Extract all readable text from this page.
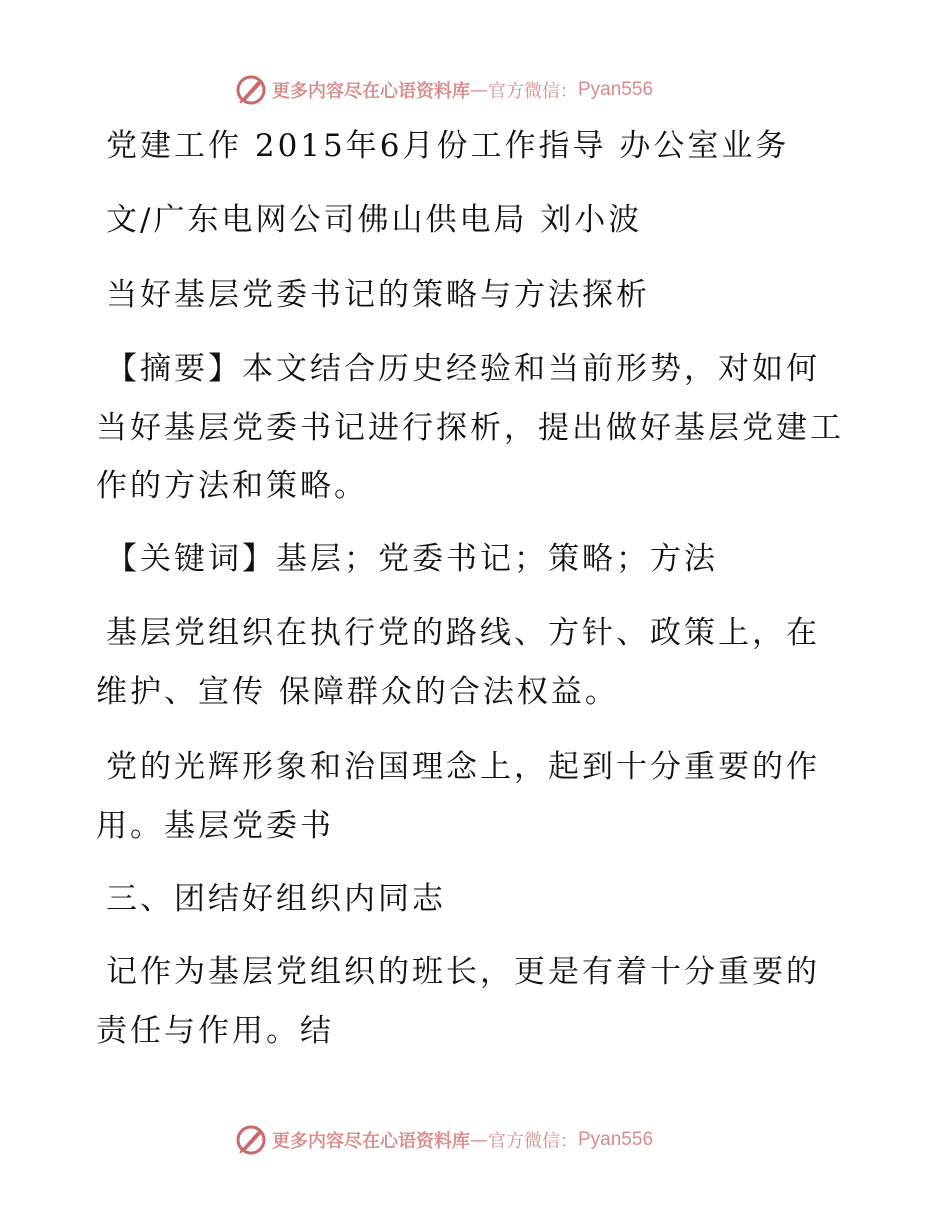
更多内容尽在心语资料库 — 官方微信： Pyan556
党建工作 2015年6月份工作指导 办公室业务
文/广东电网公司佛山供电局 刘小波
当好基层党委书记的策略与方法探析
【摘要】本文结合历史经验和当前形势，对如何
当好基层党委书记进行探析，提出做好基层党建工
作的方法和策略。
【关键词】基层；党委书记；策略；方法
基层党组织在执行党的路线、方针、政策上，在
维护、宣传 保障群众的合法权益。
党的光辉形象和治国理念上，起到十分重要的作
用。基层党委书
三、团结好组织内同志
记作为基层党组织的班长，更是有着十分重要的
责任与作用。结
更多内容尽在心语资料库 — 官方微信： Pyan556
